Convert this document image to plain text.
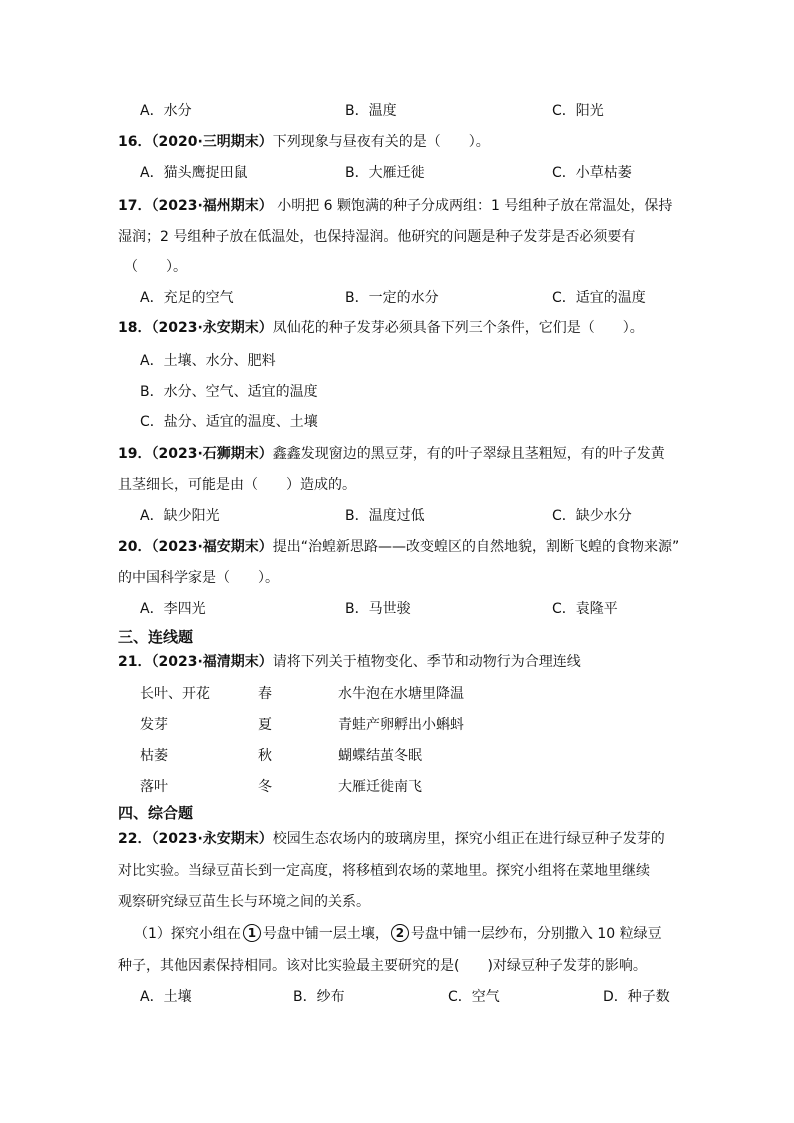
A．水分	B．温度	C．阳光
16．（2020·三明期末）下列现象与昼夜有关的是（　　）。
A．猫头鹰捉田鼠	B．大雁迁徙	C．小草枯萎
17．（2023·福州期末） 小明把 6 颗饱满的种子分成两组：1 号组种子放在常温处，保持
湿润；2 号组种子放在低温处，也保持湿润。他研究的问题是种子发芽是否必须要有
（　　）。
A．充足的空气	B．一定的水分	C．适宜的温度
18．（2023·永安期末）凤仙花的种子发芽必须具备下列三个条件，它们是（　　）。
A．土壤、水分、肥料
B．水分、空气、适宜的温度
C．盐分、适宜的温度、土壤
19．（2023·石狮期末）鑫鑫发现窗边的黑豆芽，有的叶子翠绿且茎粗短，有的叶子发黄
且茎细长，可能是由（　　）造成的。
A．缺少阳光	B．温度过低	C．缺少水分
20．（2023·福安期末）提出“治蝗新思路——改变蝗区的自然地貌，割断飞蝗的食物来源”
的中国科学家是（　　）。
A．李四光	B．马世骏	C．袁隆平
三、连线题
21．（2023·福清期末）请将下列关于植物变化、季节和动物行为合理连线
长叶、开花	春	水牛泡在水塘里降温
发芽	夏	青蛙产卵孵出小蝌蚪
枯萎	秋	蝴蝶结茧冬眠
落叶	冬	大雁迁徙南飞
四、综合题
22．（2023·永安期末）校园生态农场内的玻璃房里，探究小组正在进行绿豆种子发芽的
对比实验。当绿豆苗长到一定高度，将移植到农场的菜地里。探究小组将在菜地里继续
观察研究绿豆苗生长与环境之间的关系。
（1）探究小组在 1 号盘中铺一层土壤， 2 号盘中铺一层纱布，分别撒入 10 粒绿豆
种子，其他因素保持相同。该对比实验最主要研究的是(　　)对绿豆种子发芽的影响。
A．土壤	B．纱布	C．空气	D．种子数
